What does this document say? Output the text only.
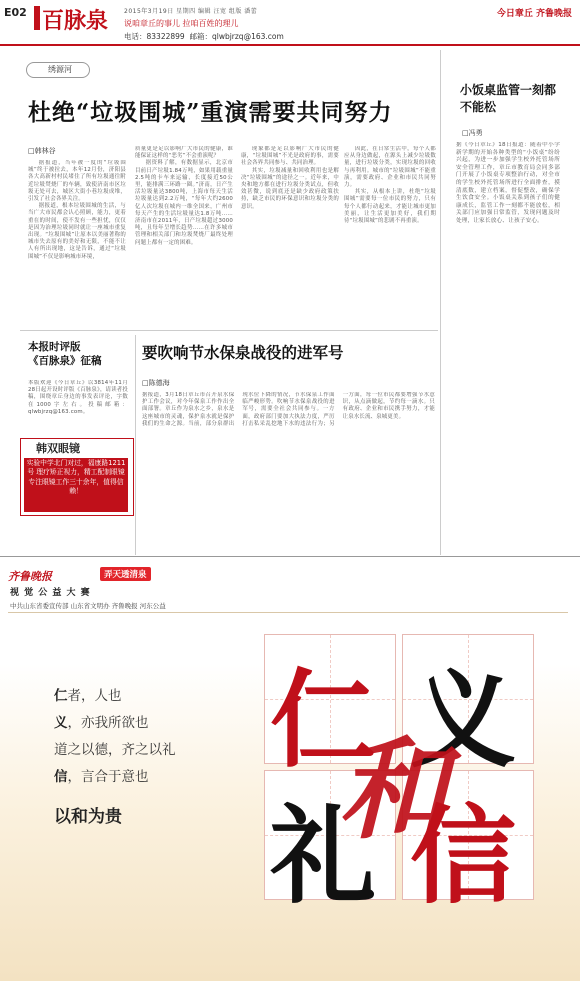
E02 百脉泉	2015年3月19日 星期四 编辑 汪宽 组版 潘蕾
说咱章丘的事儿 拉咱百姓的理儿
今日章丘 齐鲁晚报
电话：83322899 邮箱：qlwbjrzq@163.com
绣源河
杜绝“垃圾围城”重演需要共同努力
□韩林谷

据报道，当年被一度的“垃圾围城”终于被拉去，本年12月份，济阳县各大高新村村民堵住了所有垃圾通往附近垃圾焚烧厂的车辆，致使济南市区垃圾无处可去，城区大街小巷垃圾成堆，引发了社会各界关注。

据报道，根本垃圾围城的生活，与当广大市民都会认心照顾，能力，更着重在的时间，使不发有一些担忧，仅仅是因为治理垃圾同时就让一座城市重复出现。“垃圾围城”让原本以美丽著称的城市失去原有的美好和无限，不能不让人有所出现地，这是告诉，通过“垃圾围城”不仅是影响城市环境，

质量更是足以影响广大市民的健康，谁能保证这样的“恶劣”不会重演呢？

据资料了解，有数据显示，北京市目前日产垃圾1.84万吨，如果用载重量2.5吨的卡车来运输，长度接近50公里，能排满三环路一圈。”济南，日产生活垃圾量达3800吨，上海市每天生活垃圾量达到2.2万吨，“每年大约2600亿人次垃圾在城内一维全国来，广州市每天产生的生活垃圾量达1.8万吨……济南市在2011年，日产垃圾超过3000吨，且每年呈增长趋势……在许多城市管理和相关部门和垃圾焚烧厂最终处理问题上都有一定的困难。

现象都是足以影响广大市民的健康，“垃圾围城”不光是政府的事，需要社会各界共同参与、共同治理。

其实，垃圾减量和回收利用也是解决“垃圾围城”的途径之一。近年来，中央和地方都在进行垃圾分类试点，但收效甚微，说到底还是缺少政府政策扶持，缺乏市民的环保意识和垃圾分类的意识。

因此，在日常生活中，每个人都应从身边做起，在源头上减少垃圾数量，进行垃圾分类，实现垃圾的回收与再利用。城市的“垃圾围城”不能重演，需要政府、企业和市民共同努力。

其实，从根本上讲，杜绝“垃圾围城”需要每一位市民的努力，只有每个人都行动起来，才能让城市更加美丽，让生活更加美好，我们期待“垃圾围城”的悲剧不再重演。

小饭桌监管一刻都不能松
□冯勇
据《今日章丘》18日报道：随着中小学新学期的开始各种类型的“小饭桌”纷纷兴起，为进一步加强学生校外托管场所安全管理工作，章丘市教育局会同多部门开展了小饭桌专项整治行动，对全市的学生校外托管场所进行全面排查，摸清底数，建立档案，督促整改，确保学生饮食安全。小饭桌关系到孩子们的健康成长，监管工作一刻都不能放松，相关部门应加强日常监管，发现问题及时处理，让家长放心、让孩子安心。
本报时评版
《百脉泉》征稿
本版欢迎《今日章丘》以3814年11月28日起开设时评版《百脉泉》，请读者投稿，围绕章丘身边的事发表评论，字数在1000字左右。投稿邮箱：qlwbjrzq@163.com。
韩双眼镜
实验中学北门对过，福康路1211号 理疗矫正视力，精工配制眼镜 专注眼镜工作三十余年，值得信赖！
要吹响节水保泉战役的进军号
□陈德海
据报道，3月18日章丘市召开泉水保护工作会议，对今年保泉工作作出全面部署。章丘作为泉水之乡，泉水是这座城市的灵魂，保护泉水就是保护我们的生命之源。当前，部分泉群出现水位下降的情况，节水保泉工作面临严峻形势。吹响节水保泉战役的进军号，需要全社会共同参与。一方面，政府部门要加大执法力度，严厉打击私采乱挖地下水的违法行为；另一方面，每一位市民都要增强节水意识，从点滴做起，节约每一滴水。只有政府、企业和市民携手努力，才能让泉水长流、泉城更美。
齐鲁晚报	弄天透清泉
视 觉 公 益 大 赛
中共山东省委宣传部 山东省文明办 齐鲁晚报 河东公益
仁者，人也
义，亦我所欲也
道之以德，齐之以礼
信，言合于意也
以和为贵
仁 义
礼 信
和
